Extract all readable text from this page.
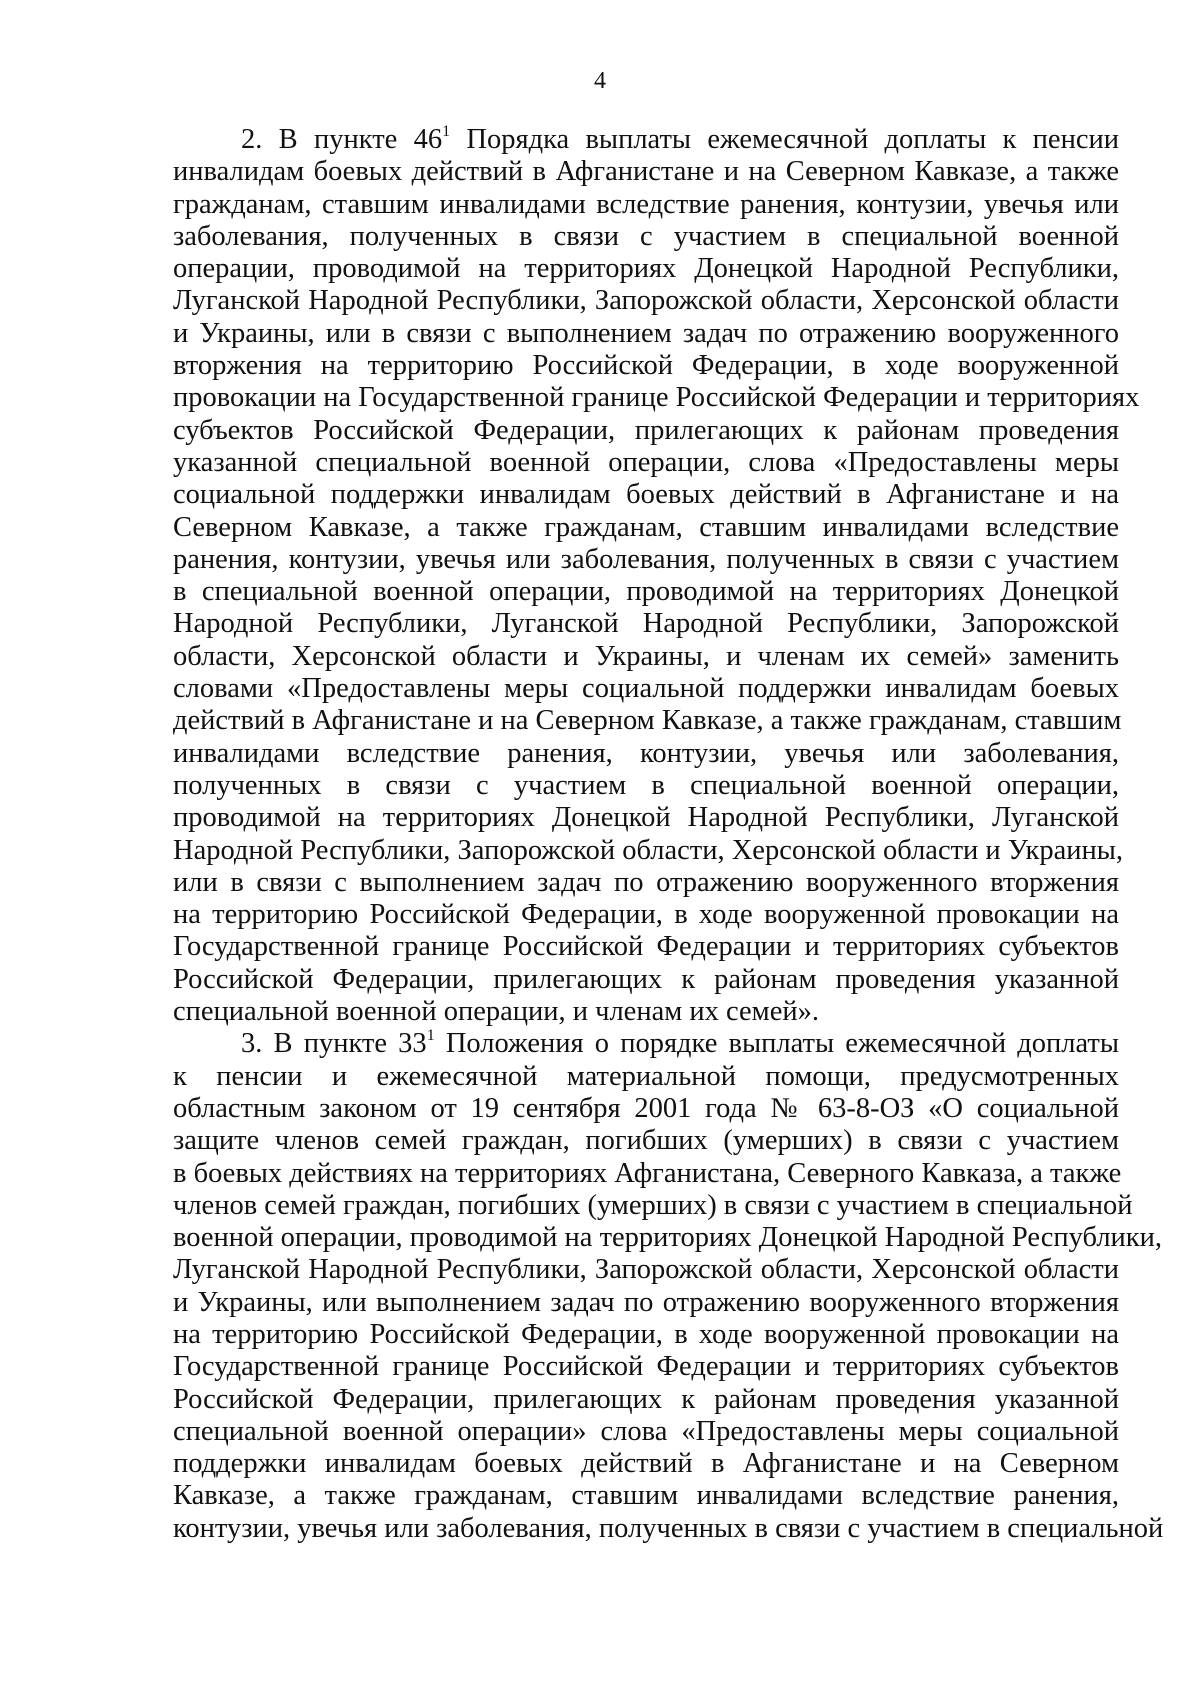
4
2. В пункте $46^1$ Порядка выплаты ежемесячной доплаты к пенсии
инвалидам боевых действий в Афганистане и на Северном Кавказе, а также
гражданам, ставшим инвалидами вследствие ранения, контузии, увечья или
заболевания, полученных в связи с участием в специальной военной
операции, проводимой на территориях Донецкой Народной Республики,
Луганской Народной Республики, Запорожской области, Херсонской области
и Украины, или в связи с выполнением задач по отражению вооруженного
вторжения на территорию Российской Федерации, в ходе вооруженной
провокации на Государственной границе Российской Федерации и территориях
субъектов Российской Федерации, прилегающих к районам проведения
указанной специальной военной операции, слова «Предоставлены меры
социальной поддержки инвалидам боевых действий в Афганистане и на
Северном Кавказе, а также гражданам, ставшим инвалидами вследствие
ранения, контузии, увечья или заболевания, полученных в связи с участием
в специальной военной операции, проводимой на территориях Донецкой
Народной Республики, Луганской Народной Республики, Запорожской
области, Херсонской области и Украины, и членам их семей» заменить
словами «Предоставлены меры социальной поддержки инвалидам боевых
действий в Афганистане и на Северном Кавказе, а также гражданам, ставшим
инвалидами вследствие ранения, контузии, увечья или заболевания,
полученных в связи с участием в специальной военной операции,
проводимой на территориях Донецкой Народной Республики, Луганской
Народной Республики, Запорожской области, Херсонской области и Украины,
или в связи с выполнением задач по отражению вооруженного вторжения
на территорию Российской Федерации, в ходе вооруженной провокации на
Государственной границе Российской Федерации и территориях субъектов
Российской Федерации, прилегающих к районам проведения указанной
специальной военной операции, и членам их семей».
3. В пункте $33^1$ Положения о порядке выплаты ежемесячной доплаты
к пенсии и ежемесячной материальной помощи, предусмотренных
областным законом от 19 сентября 2001 года № 63-8-ОЗ «О социальной
защите членов семей граждан, погибших (умерших) в связи с участием
в боевых действиях на территориях Афганистана, Северного Кавказа, а также
членов семей граждан, погибших (умерших) в связи с участием в специальной
военной операции, проводимой на территориях Донецкой Народной Республики,
Луганской Народной Республики, Запорожской области, Херсонской области
и Украины, или выполнением задач по отражению вооруженного вторжения
на территорию Российской Федерации, в ходе вооруженной провокации на
Государственной границе Российской Федерации и территориях субъектов
Российской Федерации, прилегающих к районам проведения указанной
специальной военной операции» слова «Предоставлены меры социальной
поддержки инвалидам боевых действий в Афганистане и на Северном
Кавказе, а также гражданам, ставшим инвалидами вследствие ранения,
контузии, увечья или заболевания, полученных в связи с участием в специальной
